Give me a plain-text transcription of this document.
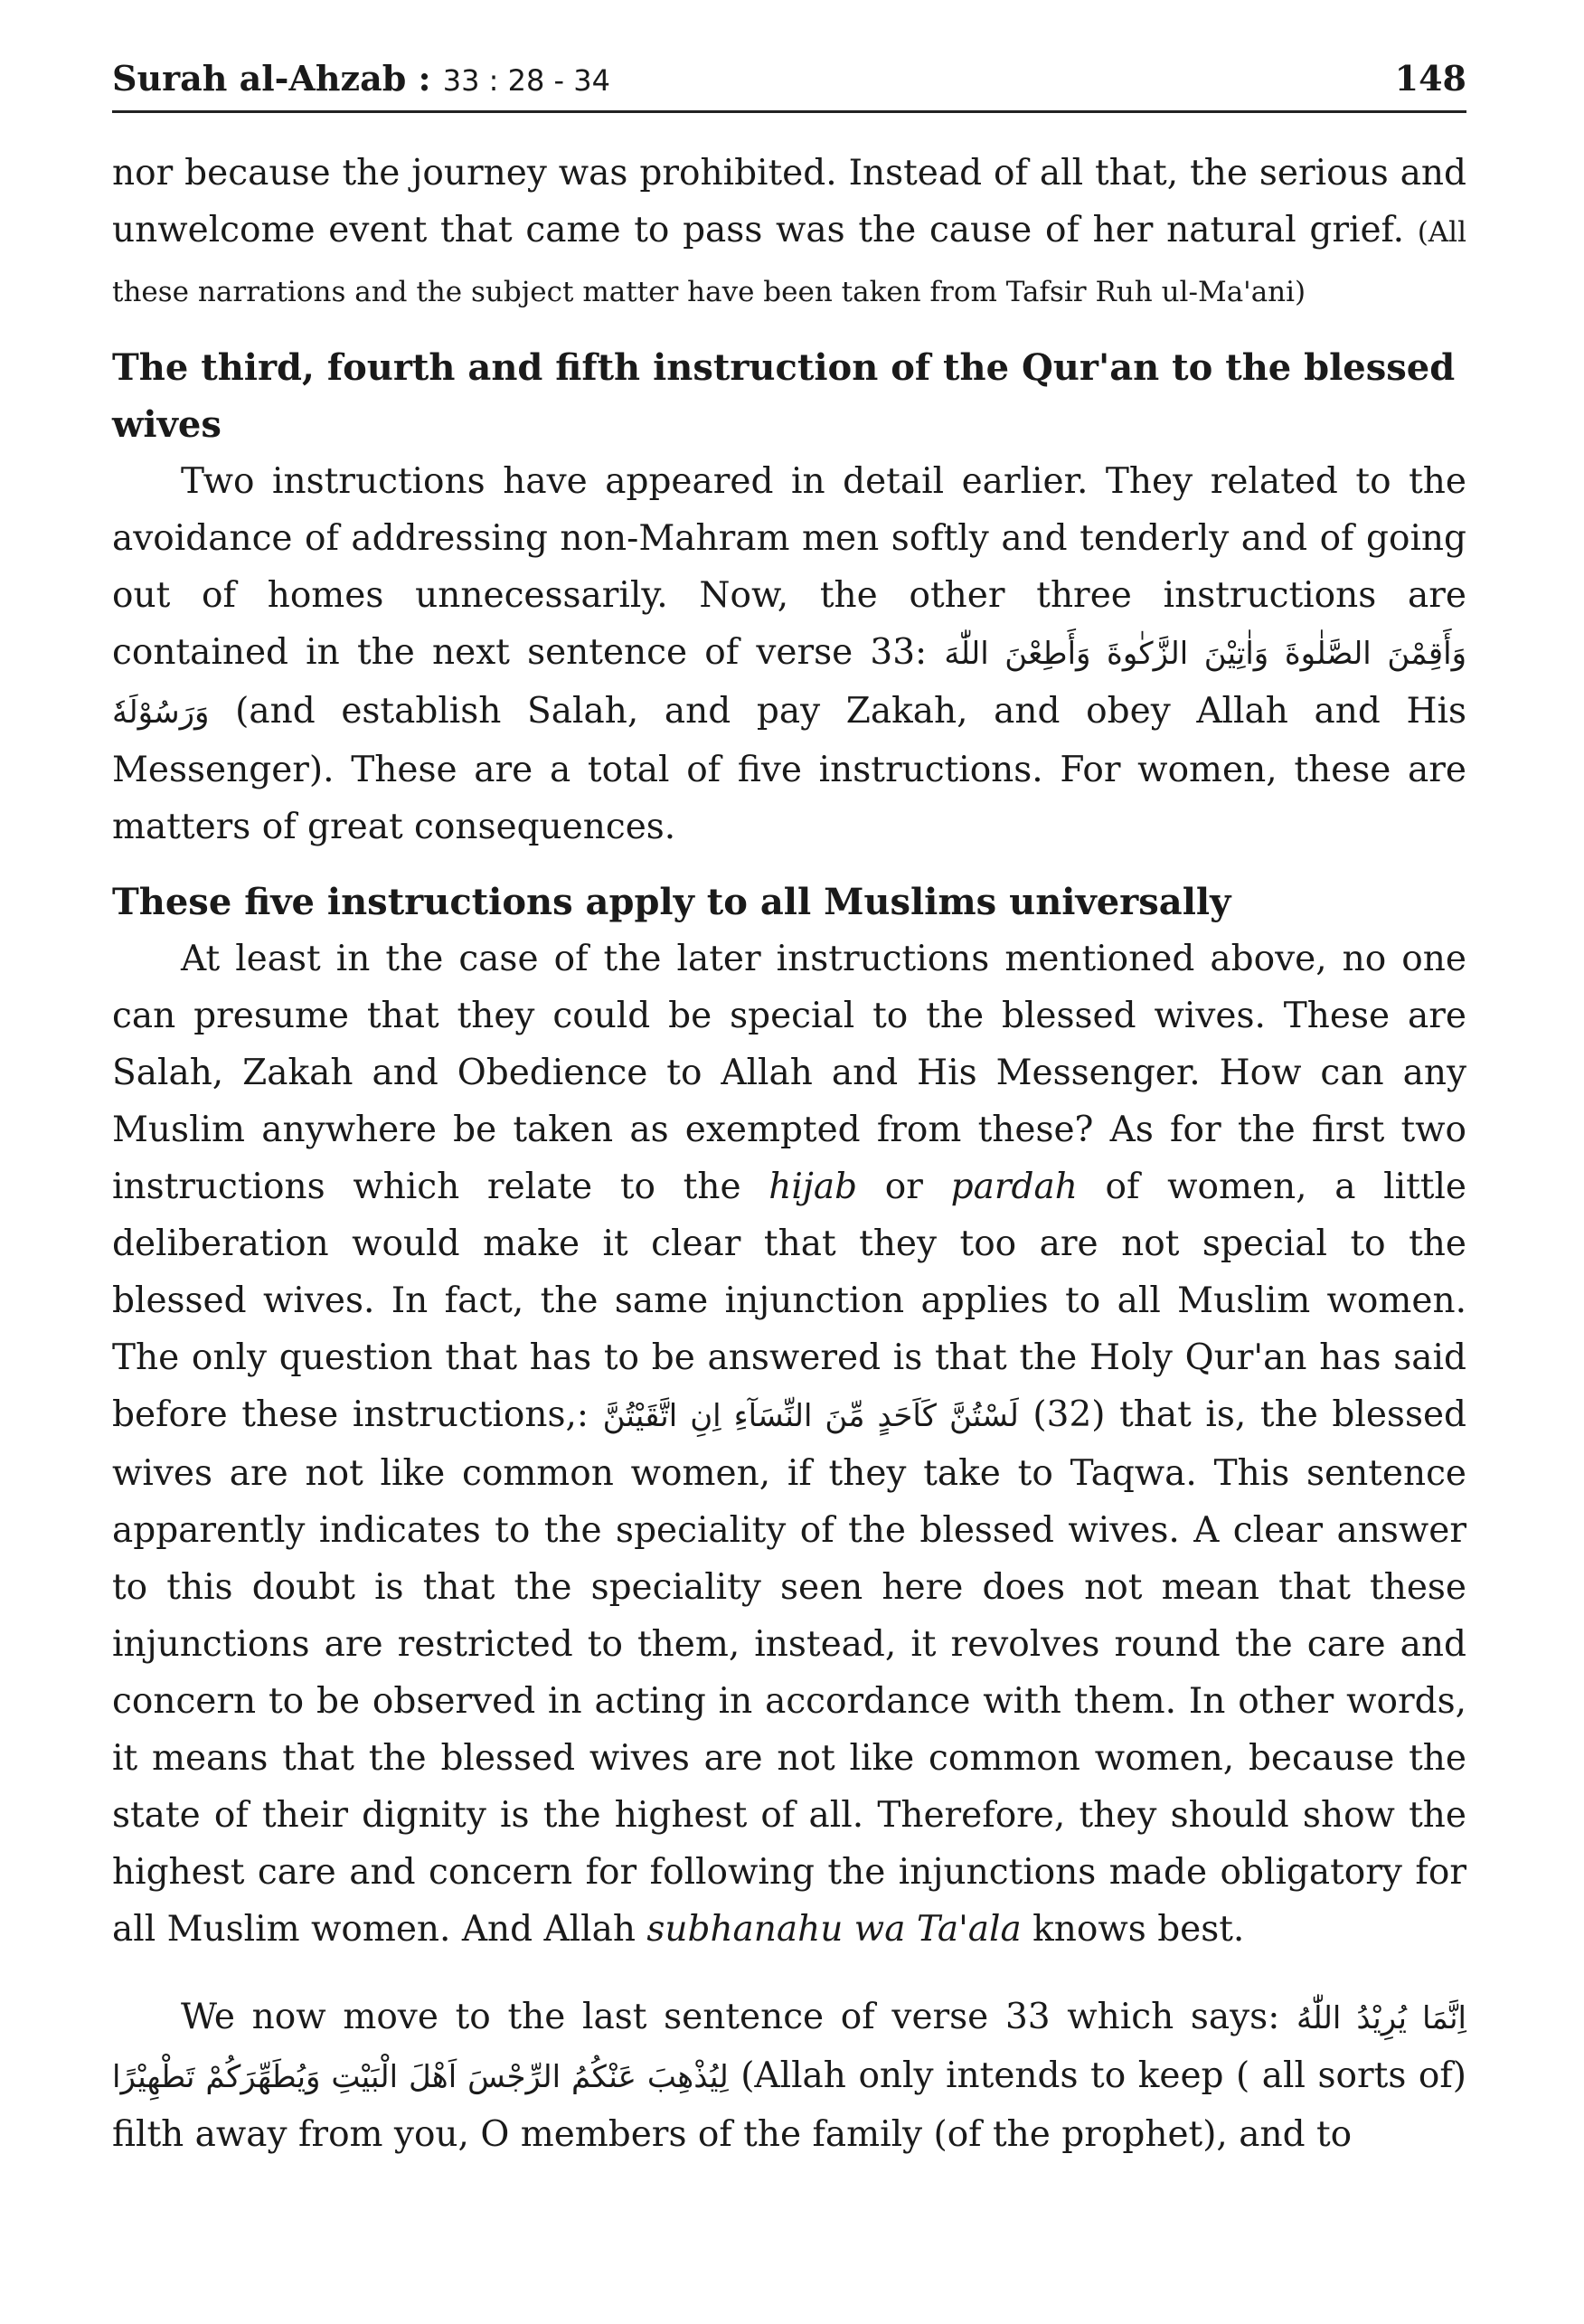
Surah al-Ahzab : 33 : 28 - 34	148

nor because the journey was prohibited. Instead of all that, the serious and unwelcome event that came to pass was the cause of her natural grief. (All these narrations and the subject matter have been taken from Tafsir Ruh ul-Ma'ani)

The third, fourth and fifth instruction of the Qur'an to the blessed wives

Two instructions have appeared in detail earlier. They related to the avoidance of addressing non-Mahram men softly and tenderly and of going out of homes unnecessarily. Now, the other three instructions are contained in the next sentence of verse 33: وَأَقِمْنَ الصَّلٰوةَ وَاٰتِيْنَ الزَّكٰوةَ وَأَطِعْنَ اللّٰهَ وَرَسُوْلَهٗ (and establish Salah, and pay Zakah, and obey Allah and His Messenger). These are a total of five instructions. For women, these are matters of great consequences.

These five instructions apply to all Muslims universally

At least in the case of the later instructions mentioned above, no one can presume that they could be special to the blessed wives. These are Salah, Zakah and Obedience to Allah and His Messenger. How can any Muslim anywhere be taken as exempted from these? As for the first two instructions which relate to the hijab or pardah of women, a little deliberation would make it clear that they too are not special to the blessed wives. In fact, the same injunction applies to all Muslim women. The only question that has to be answered is that the Holy Qur'an has said before these instructions,: لَسْتُنَّ كَاَحَدٍ مِّنَ النِّسَآءِ اِنِ اتَّقَيْتُنَّ (32) that is, the blessed wives are not like common women, if they take to Taqwa. This sentence apparently indicates to the speciality of the blessed wives. A clear answer to this doubt is that the speciality seen here does not mean that these injunctions are restricted to them, instead, it revolves round the care and concern to be observed in acting in accordance with them. In other words, it means that the blessed wives are not like common women, because the state of their dignity is the highest of all. Therefore, they should show the highest care and concern for following the injunctions made obligatory for all Muslim women. And Allah subhanahu wa Ta'ala knows best.

We now move to the last sentence of verse 33 which says: اِنَّمَا يُرِيْدُ اللّٰهُ لِيُذْهِبَ عَنْكُمُ الرِّجْسَ اَهْلَ الْبَيْتِ وَيُطَهِّرَكُمْ تَطْهِيْرًا (Allah only intends to keep ( all sorts of) filth away from you, O members of the family (of the prophet), and to
